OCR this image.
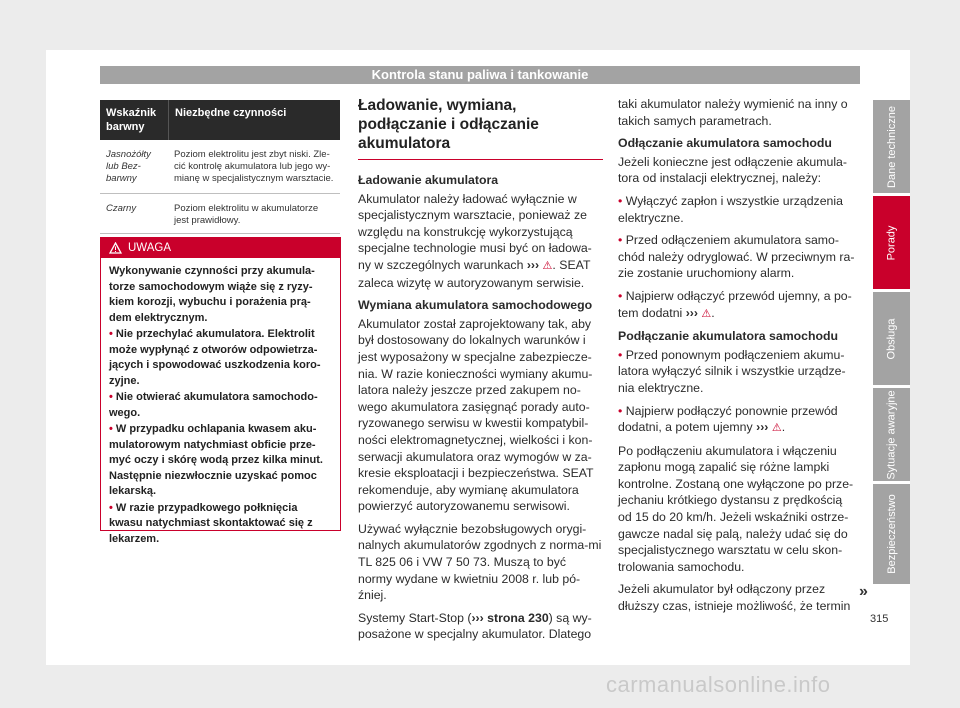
Kontrola stanu paliwa i tankowanie
Wskaźnik barwny
Niezbędne czynności
Jasnożółty lub Bez-barwny
Poziom elektrolitu jest zbyt niski. Zle-cić kontrolę akumulatora lub jego wy-mianę w specjalistycznym warsztacie.
Czarny	Poziom elektrolitu w akumulatorze jest prawidłowy.
UWAGA

Wykonywanie czynności przy akumula-torze samochodowym wiąże się z ryzy-kiem korozji, wybuchu i porażenia prą-dem elektrycznym.

• Nie przechylać akumulatora. Elektrolit może wypłynąć z otworów odpowietrza-jących i spowodować uszkodzenia koro-zyjne.

• Nie otwierać akumulatora samochodo-wego.

• W przypadku ochlapania kwasem aku-mulatorowym natychmiast obficie prze-myć oczy i skórę wodą przez kilka minut. Następnie niezwłocznie uzyskać pomoc lekarską.

• W razie przypadkowego połknięcia kwasu natychmiast skontaktować się z lekarzem.

Ładowanie, wymiana, podłączanie i odłączanie akumulatora
Ładowanie akumulatora
Akumulator należy ładować wyłącznie w specjalistycznym warsztacie, ponieważ ze względu na konstrukcję wykorzystującą specjalne technologie musi być on ładowa-ny w szczególnych warunkach ››› ⚠. SEAT zaleca wizytę w autoryzowanym serwisie.
Wymiana akumulatora samochodowego
Akumulator został zaprojektowany tak, aby był dostosowany do lokalnych warunków i jest wyposażony w specjalne zabezpiecze-nia. W razie konieczności wymiany akumu-latora należy jeszcze przed zakupem no-wego akumulatora zasięgnąć porady auto-ryzowanego serwisu w kwestii kompatybil-ności elektromagnetycznej, wielkości i kon-serwacji akumulatora oraz wymogów w za-kresie eksploatacji i bezpieczeństwa. SEAT rekomenduje, aby wymianę akumulatora powierzyć autoryzowanemu serwisowi.
Używać wyłącznie bezobsługowych orygi-nalnych akumulatorów zgodnych z norma-mi TL 825 06 i VW 7 50 73. Muszą to być normy wydane w kwietniu 2008 r. lub pó-źniej.
Systemy Start-Stop (››› strona 230) są wy-posażone w specjalny akumulator. Dlatego
taki akumulator należy wymienić na inny o takich samych parametrach.
Odłączanie akumulatora samochodu
Jeżeli konieczne jest odłączenie akumula-tora od instalacji elektrycznej, należy:
• Wyłączyć zapłon i wszystkie urządzenia elektryczne.
• Przed odłączeniem akumulatora samo-chód należy odryglować. W przeciwnym ra-zie zostanie uruchomiony alarm.
• Najpierw odłączyć przewód ujemny, a po-tem dodatni ››› ⚠.
Podłączanie akumulatora samochodu
• Przed ponownym podłączeniem akumu-latora wyłączyć silnik i wszystkie urządze-nia elektryczne.
• Najpierw podłączyć ponownie przewód dodatni, a potem ujemny ››› ⚠.
Po podłączeniu akumulatora i włączeniu zapłonu mogą zapalić się różne lampki kontrolne. Zostaną one wyłączone po prze-jechaniu krótkiego dystansu z prędkością od 15 do 20 km/h. Jeżeli wskaźniki ostrze-gawcze nadal się palą, należy udać się do specjalistycznego warsztatu w celu skon-trolowania samochodu.
Jeżeli akumulator był odłączony przez dłuższy czas, istnieje możliwość, że termin
»
Dane techniczne
Porady
Obsługa
Sytuacje awaryjne
Bezpieczeństwo
315
carmanualsonline.info
